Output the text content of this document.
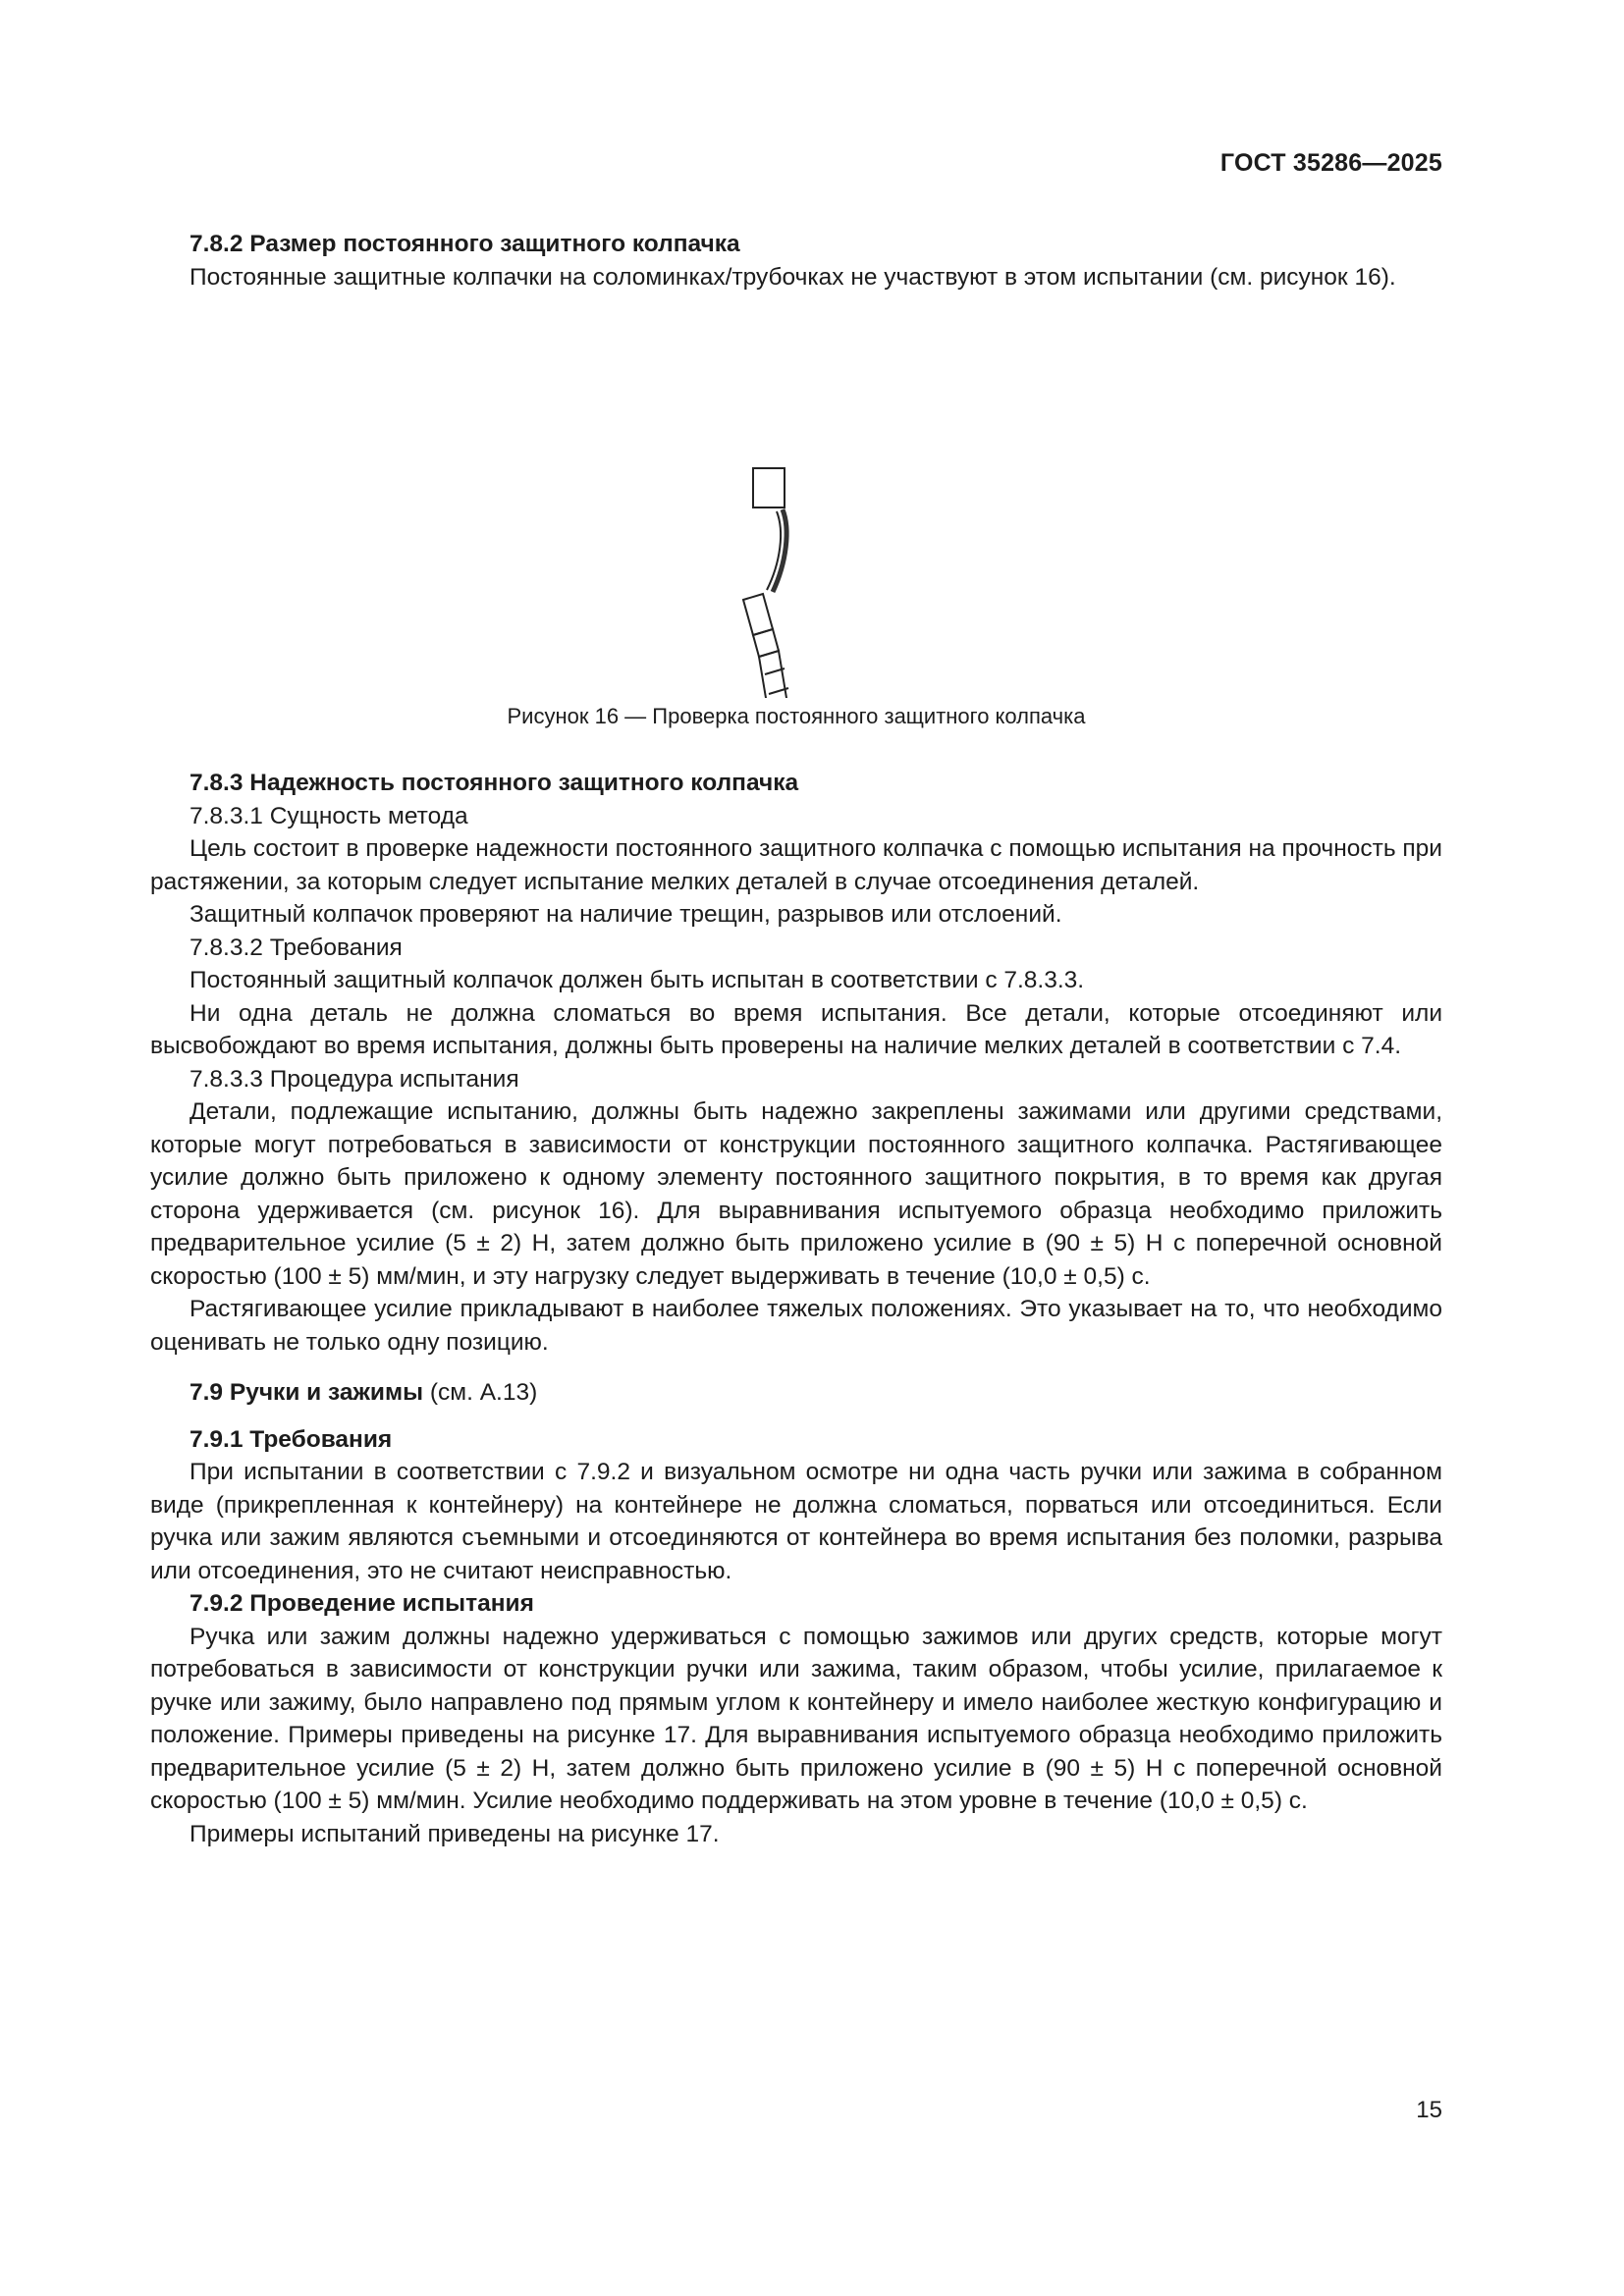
ГОСТ 35286—2025

7.8.2 Размер постоянного защитного колпачка

Постоянные защитные колпачки на соломинках/трубочках не участвуют в этом испытании (см. рисунок 16).

Рисунок 16 — Проверка постоянного защитного колпачка

7.8.3 Надежность постоянного защитного колпачка

7.8.3.1 Сущность метода

Цель состоит в проверке надежности постоянного защитного колпачка с помощью испытания на прочность при растяжении, за которым следует испытание мелких деталей в случае отсоединения деталей.

Защитный колпачок проверяют на наличие трещин, разрывов или отслоений.

7.8.3.2 Требования

Постоянный защитный колпачок должен быть испытан в соответствии с 7.8.3.3.

Ни одна деталь не должна сломаться во время испытания. Все детали, которые отсоединяют или высвобождают во время испытания, должны быть проверены на наличие мелких деталей в соответствии с 7.4.

7.8.3.3 Процедура испытания

Детали, подлежащие испытанию, должны быть надежно закреплены зажимами или другими средствами, которые могут потребоваться в зависимости от конструкции постоянного защитного колпачка. Растягивающее усилие должно быть приложено к одному элементу постоянного защитного покрытия, в то время как другая сторона удерживается (см. рисунок 16). Для выравнивания испытуемого образца необходимо приложить предварительное усилие (5 ± 2) Н, затем должно быть приложено усилие в (90 ± 5) Н с поперечной основной скоростью (100 ± 5) мм/мин, и эту нагрузку следует выдерживать в течение (10,0 ± 0,5) с.

Растягивающее усилие прикладывают в наиболее тяжелых положениях. Это указывает на то, что необходимо оценивать не только одну позицию.

7.9 Ручки и зажимы (см. А.13)

7.9.1 Требования

При испытании в соответствии с 7.9.2 и визуальном осмотре ни одна часть ручки или зажима в собранном виде (прикрепленная к контейнеру) на контейнере не должна сломаться, порваться или отсоединиться. Если ручка или зажим являются съемными и отсоединяются от контейнера во время испытания без поломки, разрыва или отсоединения, это не считают неисправностью.

7.9.2 Проведение испытания

Ручка или зажим должны надежно удерживаться с помощью зажимов или других средств, которые могут потребоваться в зависимости от конструкции ручки или зажима, таким образом, чтобы усилие, прилагаемое к ручке или зажиму, было направлено под прямым углом к контейнеру и имело наиболее жесткую конфигурацию и положение. Примеры приведены на рисунке 17. Для выравнивания испытуемого образца необходимо приложить предварительное усилие (5 ± 2) Н, затем должно быть приложено усилие в (90 ± 5) Н с поперечной основной скоростью (100 ± 5) мм/мин. Усилие необходимо поддерживать на этом уровне в течение (10,0 ± 0,5) с.

Примеры испытаний приведены на рисунке 17.

15
